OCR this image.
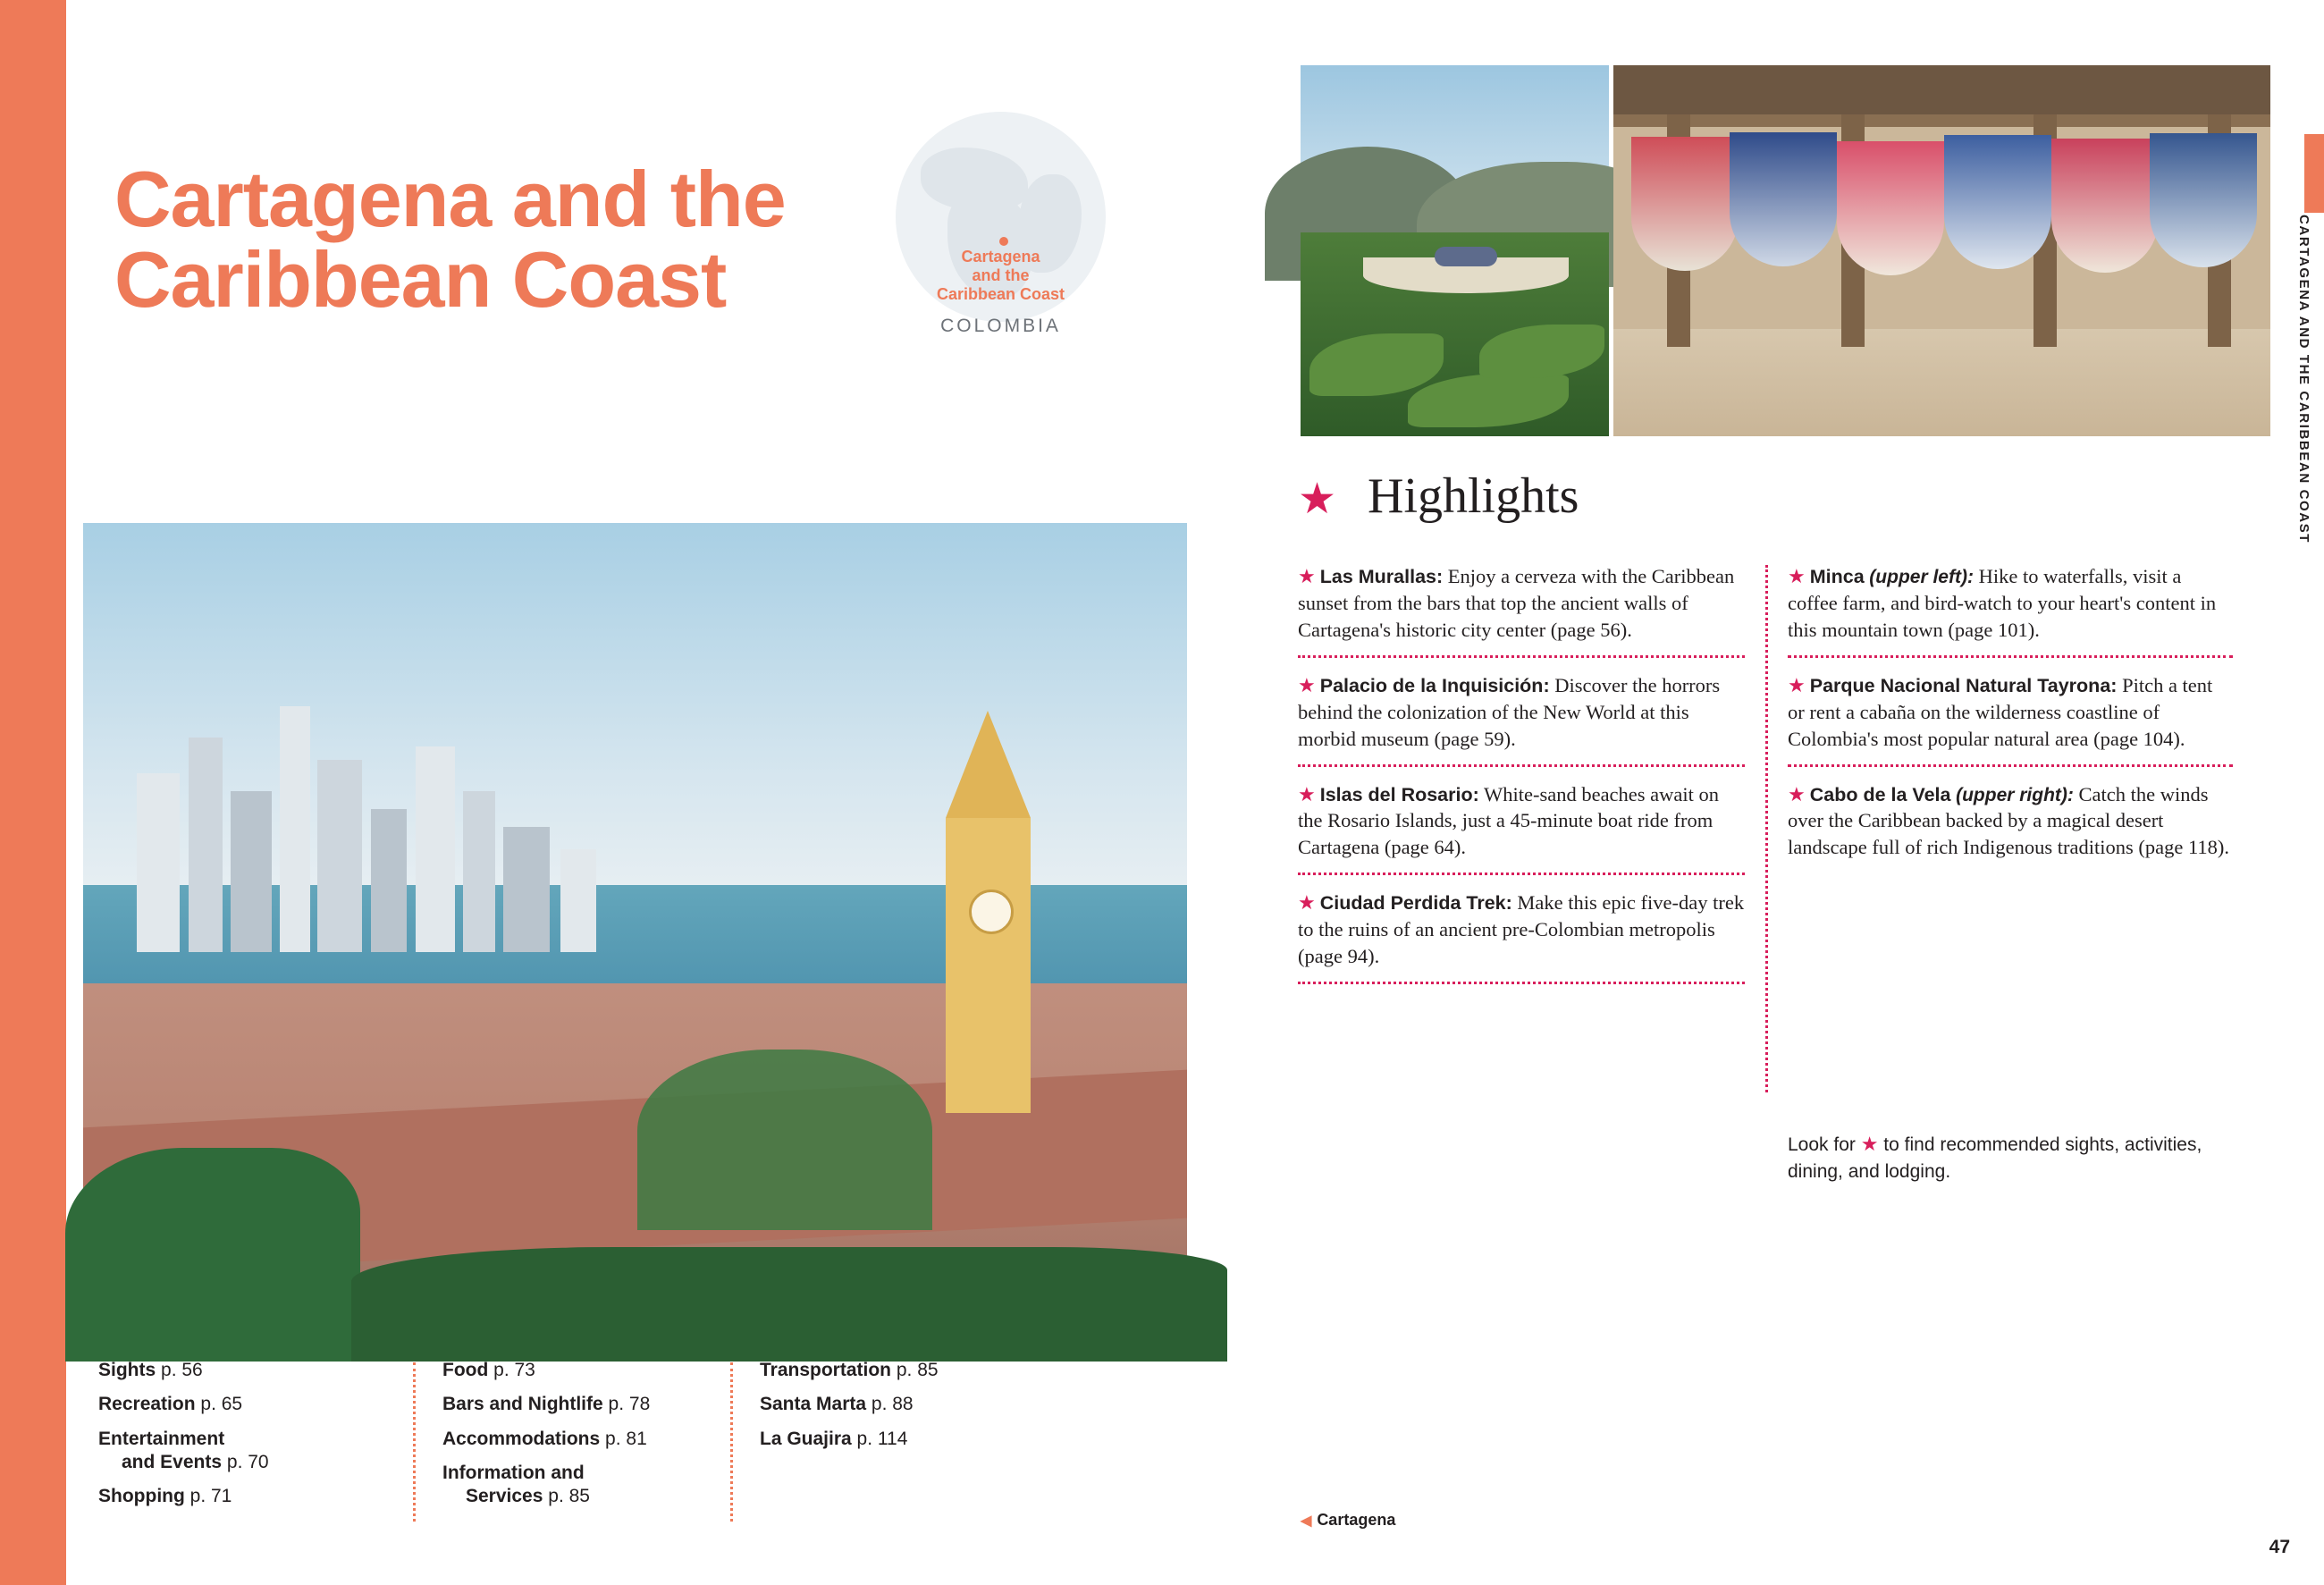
CARTAGENA AND THE CARIBBEAN COAST
Cartagena and the Caribbean Coast	Cartagena
and the
Caribbean Coast
COLOMBIA
Sights p. 56
Recreation p. 65
Entertainment
and Events p. 70
Shopping p. 71
Food p. 73
Bars and Nightlife p. 78
Accommodations p. 81
Information and
Services p. 85
Transportation p. 85
Santa Marta p. 88
La Guajira p. 114
★ Highlights
★ Las Murallas: Enjoy a cerveza with the Caribbean sunset from the bars that top the ancient walls of Cartagena's historic city center (page 56).
★ Palacio de la Inquisición: Discover the horrors behind the colonization of the New World at this morbid museum (page 59).
★ Islas del Rosario: White-sand beaches await on the Rosario Islands, just a 45-minute boat ride from Cartagena (page 64).
★ Ciudad Perdida Trek: Make this epic five-day trek to the ruins of an ancient pre-Colombian metropolis (page 94).
★ Minca (upper left): Hike to waterfalls, visit a coffee farm, and bird-watch to your heart's content in this mountain town (page 101).
★ Parque Nacional Natural Tayrona: Pitch a tent or rent a cabaña on the wilderness coastline of Colombia's most popular natural area (page 104).
★ Cabo de la Vela (upper right): Catch the winds over the Caribbean backed by a magical desert landscape full of rich Indigenous traditions (page 118).
Look for ★ to find recommended sights, activities, dining, and lodging.
◀ Cartagena
47
